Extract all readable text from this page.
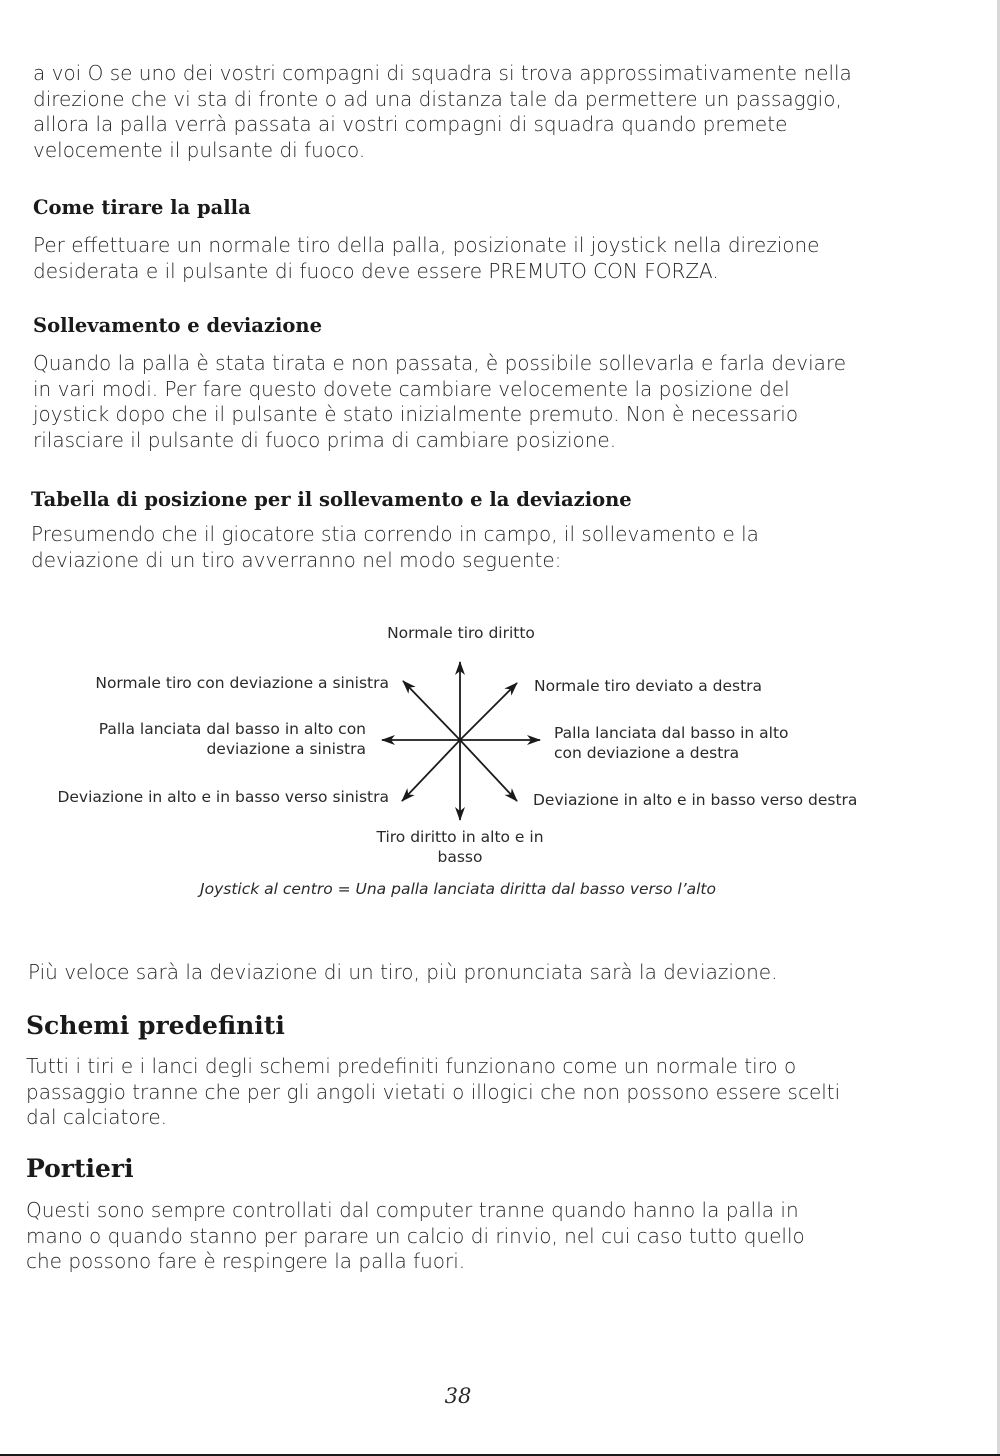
a voi O se uno dei vostri compagni di squadra si trova approssimativamente nella
direzione che vi sta di fronte o ad una distanza tale da permettere un passaggio,
allora la palla verrà passata ai vostri compagni di squadra quando premete
velocemente il pulsante di fuoco.

Come tirare la palla

Per effettuare un normale tiro della palla, posizionate il joystick nella direzione
desiderata e il pulsante di fuoco deve essere PREMUTO CON FORZA.

Sollevamento e deviazione

Quando la palla è stata tirata e non passata, è possibile sollevarla e farla deviare
in vari modi. Per fare questo dovete cambiare velocemente la posizione del
joystick dopo che il pulsante è stato inizialmente premuto. Non è necessario
rilasciare il pulsante di fuoco prima di cambiare posizione.

Tabella di posizione per il sollevamento e la deviazione

Presumendo che il giocatore stia correndo in campo, il sollevamento e la
deviazione di un tiro avverranno nel modo seguente:

Normale tiro diritto
Normale tiro con deviazione a sinistra	Normale tiro deviato a destra
Palla lanciata dal basso in alto con
deviazione a sinistra
Palla lanciata dal basso in alto
con deviazione a destra
Deviazione in alto e in basso verso sinistra	Deviazione in alto e in basso verso destra
Tiro diritto in alto e in
basso
Joystick al centro = Una palla lanciata diritta dal basso verso l’alto

Più veloce sarà la deviazione di un tiro, più pronunciata sarà la deviazione.

Schemi predefiniti

Tutti i tiri e i lanci degli schemi predefiniti funzionano come un normale tiro o
passaggio tranne che per gli angoli vietati o illogici che non possono essere scelti
dal calciatore.

Portieri

Questi sono sempre controllati dal computer tranne quando hanno la palla in
mano o quando stanno per parare un calcio di rinvio, nel cui caso tutto quello
che possono fare è respingere la palla fuori.

38
